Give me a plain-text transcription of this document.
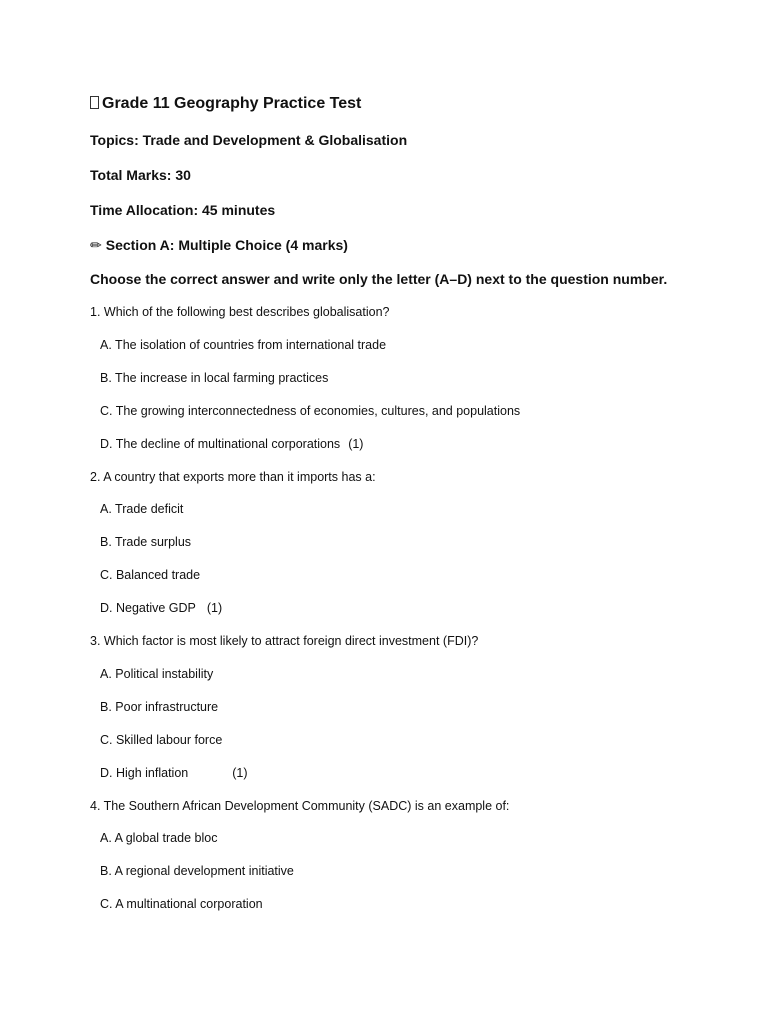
Grade 11 Geography Practice Test
Topics: Trade and Development & Globalisation
Total Marks: 30
Time Allocation: 45 minutes
✏ Section A: Multiple Choice (4 marks)
Choose the correct answer and write only the letter (A–D) next to the question number.
1. Which of the following best describes globalisation?
A. The isolation of countries from international trade
B. The increase in local farming practices
C. The growing interconnectedness of economies, cultures, and populations
D. The decline of multinational corporations (1)
2. A country that exports more than it imports has a:
A. Trade deficit
B. Trade surplus
C. Balanced trade
D. Negative GDP (1)
3. Which factor is most likely to attract foreign direct investment (FDI)?
A. Political instability
B. Poor infrastructure
C. Skilled labour force
D. High inflation	(1)
4. The Southern African Development Community (SADC) is an example of:
A. A global trade bloc
B. A regional development initiative
C. A multinational corporation
